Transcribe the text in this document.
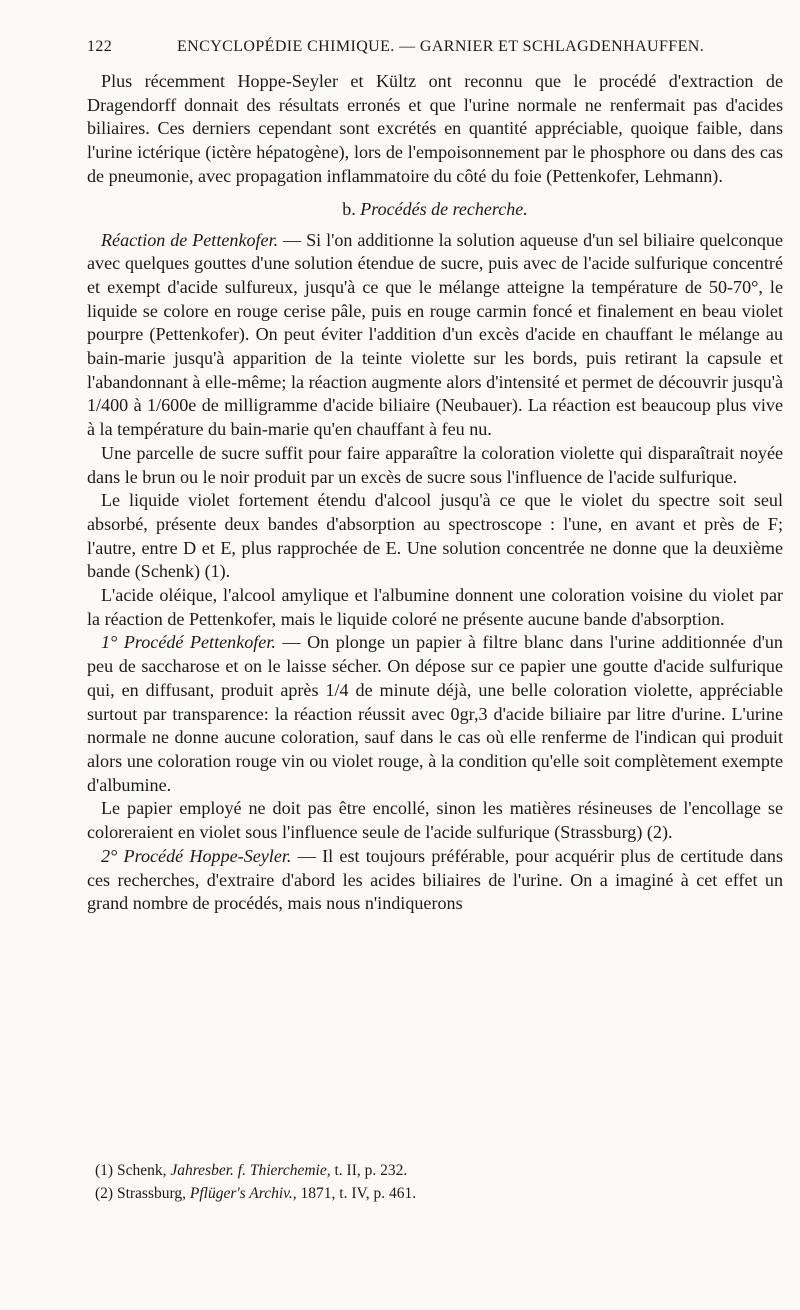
122	ENCYCLOPÉDIE CHIMIQUE. — GARNIER ET SCHLAGDENHAUFFEN.

Plus récemment Hoppe-Seyler et Kültz ont reconnu que le procédé d'extraction de Dragendorff donnait des résultats erronés et que l'urine normale ne renfermait pas d'acides biliaires. Ces derniers cependant sont excrétés en quantité appréciable, quoique faible, dans l'urine ictérique (ictère hépatogène), lors de l'empoisonnement par le phosphore ou dans des cas de pneumonie, avec propagation inflammatoire du côté du foie (Pettenkofer, Lehmann).

b. Procédés de recherche.

Réaction de Pettenkofer. — Si l'on additionne la solution aqueuse d'un sel biliaire quelconque avec quelques gouttes d'une solution étendue de sucre, puis avec de l'acide sulfurique concentré et exempt d'acide sulfureux, jusqu'à ce que le mélange atteigne la température de 50-70°, le liquide se colore en rouge cerise pâle, puis en rouge carmin foncé et finalement en beau violet pourpre (Pettenkofer). On peut éviter l'addition d'un excès d'acide en chauffant le mélange au bain-marie jusqu'à apparition de la teinte violette sur les bords, puis retirant la capsule et l'abandonnant à elle-même; la réaction augmente alors d'intensité et permet de découvrir jusqu'à 1/400 à 1/600e de milligramme d'acide biliaire (Neubauer). La réaction est beaucoup plus vive à la température du bain-marie qu'en chauffant à feu nu.

Une parcelle de sucre suffit pour faire apparaître la coloration violette qui disparaîtrait noyée dans le brun ou le noir produit par un excès de sucre sous l'influence de l'acide sulfurique.

Le liquide violet fortement étendu d'alcool jusqu'à ce que le violet du spectre soit seul absorbé, présente deux bandes d'absorption au spectroscope : l'une, en avant et près de F; l'autre, entre D et E, plus rapprochée de E. Une solution concentrée ne donne que la deuxième bande (Schenk) (1).

L'acide oléique, l'alcool amylique et l'albumine donnent une coloration voisine du violet par la réaction de Pettenkofer, mais le liquide coloré ne présente aucune bande d'absorption.

1° Procédé Pettenkofer. — On plonge un papier à filtre blanc dans l'urine additionnée d'un peu de saccharose et on le laisse sécher. On dépose sur ce papier une goutte d'acide sulfurique qui, en diffusant, produit après 1/4 de minute déjà, une belle coloration violette, appréciable surtout par transparence: la réaction réussit avec 0gr,3 d'acide biliaire par litre d'urine. L'urine normale ne donne aucune coloration, sauf dans le cas où elle renferme de l'indican qui produit alors une coloration rouge vin ou violet rouge, à la condition qu'elle soit complètement exempte d'albumine.

Le papier employé ne doit pas être encollé, sinon les matières résineuses de l'encollage se coloreraient en violet sous l'influence seule de l'acide sulfurique (Strassburg) (2).

2° Procédé Hoppe-Seyler. — Il est toujours préférable, pour acquérir plus de certitude dans ces recherches, d'extraire d'abord les acides biliaires de l'urine. On a imaginé à cet effet un grand nombre de procédés, mais nous n'indiquerons

(1) Schenk, Jahresber. f. Thierchemie, t. II, p. 232.
(2) Strassburg, Pflüger's Archiv., 1871, t. IV, p. 461.
